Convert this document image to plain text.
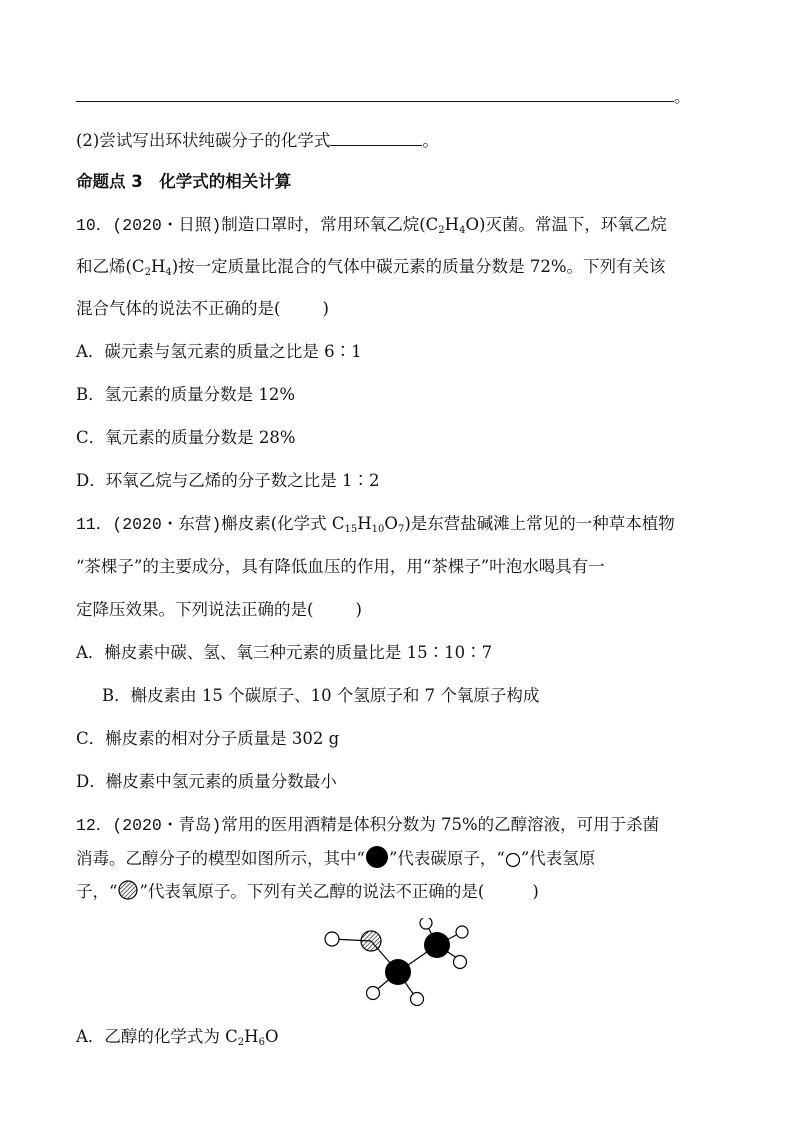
。
(2)尝试写出环状纯碳分子的化学式	。
命题点 3　化学式的相关计算
10．(2020・日照)制造口罩时，常用环氧乙烷$(C_2H_4O)$灭菌。常温下，环氧乙烷
和乙烯$(C_2H_4)$按一定质量比混合的气体中碳元素的质量分数是 72%。下列有关该
混合气体的说法不正确的是(	)
A．碳元素与氢元素的质量之比是 6∶1
B．氢元素的质量分数是 12%
C．氧元素的质量分数是 28%
D．环氧乙烷与乙烯的分子数之比是 1∶2
11．(2020・东营)槲皮素(化学式 $C_{15}H_{10}O_7$)是东营盐碱滩上常见的一种草本植物
“茶棵子”的主要成分，具有降低血压的作用，用“茶棵子”叶泡水喝具有一
定降压效果。下列说法正确的是(	)
A．槲皮素中碳、氢、氧三种元素的质量比是 15∶10∶7
B．槲皮素由 15 个碳原子、10 个氢原子和 7 个氧原子构成
C．槲皮素的相对分子质量是 302 g
D．槲皮素中氢元素的质量分数最小
12．(2020・青岛)常用的医用酒精是体积分数为 75%的乙醇溶液，可用于杀菌
消毒。乙醇分子的模型如图所示，其中“ ”代表碳原子，“ ”代表氢原
子，“ ”代表氧原子。下列有关乙醇的说法不正确的是(	)
A．乙醇的化学式为 $C_2H_6O$
